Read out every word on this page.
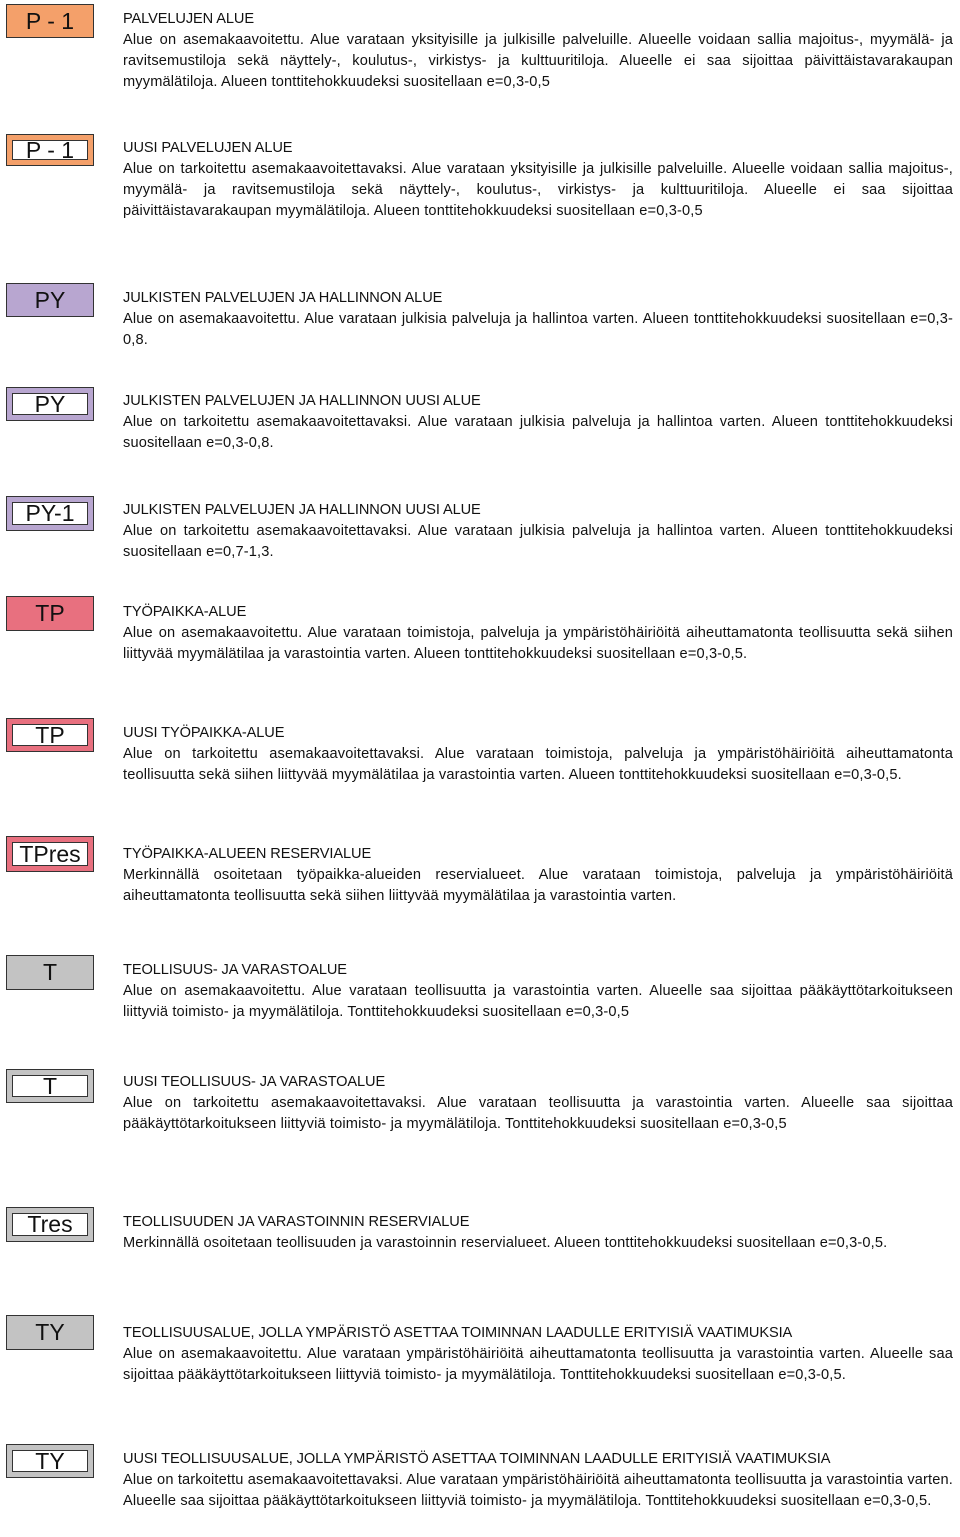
P - 1	PALVELUJEN ALUE
Alue on asemakaavoitettu. Alue varataan yksityisille ja julkisille palveluille. Alueelle voidaan sallia majoitus-, myymälä- ja ravitsemustiloja sekä näyttely-, koulutus-, virkistys- ja kulttuuritiloja. Alueelle ei saa sijoittaa päivittäistavarakaupan myymälätiloja. Alueen tonttitehokkuudeksi suositellaan e=0,3-0,5
P - 1	UUSI PALVELUJEN ALUE
Alue on tarkoitettu asemakaavoitettavaksi. Alue varataan yksityisille ja julkisille palveluille. Alueelle voidaan sallia majoitus-, myymälä- ja ravitsemustiloja sekä näyttely-, koulutus-, virkistys- ja kulttuuritiloja. Alueelle ei saa sijoittaa päivittäistavarakaupan myymälätiloja. Alueen tonttitehokkuudeksi suositellaan e=0,3-0,5
PY	JULKISTEN PALVELUJEN JA HALLINNON ALUE
Alue on asemakaavoitettu. Alue varataan julkisia palveluja ja hallintoa varten. Alueen tonttitehokkuudeksi suositellaan e=0,3-0,8.
PY	JULKISTEN PALVELUJEN JA HALLINNON UUSI ALUE
Alue on tarkoitettu asemakaavoitettavaksi. Alue varataan julkisia palveluja ja hallintoa varten. Alueen tonttitehokkuudeksi suositellaan e=0,3-0,8.
PY-1	JULKISTEN PALVELUJEN JA HALLINNON UUSI ALUE
Alue on tarkoitettu asemakaavoitettavaksi. Alue varataan julkisia palveluja ja hallintoa varten. Alueen tonttitehokkuudeksi suositellaan e=0,7-1,3.
TP	TYÖPAIKKA-ALUE
Alue on asemakaavoitettu. Alue varataan toimistoja, palveluja ja ympäristöhäiriöitä aiheuttamatonta teollisuutta sekä siihen liittyvää myymälätilaa ja varastointia varten. Alueen tonttitehokkuudeksi suositellaan e=0,3-0,5.
TP	UUSI TYÖPAIKKA-ALUE
Alue on tarkoitettu asemakaavoitettavaksi. Alue varataan toimistoja, palveluja ja ympäristöhäiriöitä aiheuttamatonta teollisuutta sekä siihen liittyvää myymälätilaa ja varastointia varten. Alueen tonttitehokkuudeksi suositellaan e=0,3-0,5.
TPres	TYÖPAIKKA-ALUEEN RESERVIALUE
Merkinnällä osoitetaan työpaikka-alueiden reservialueet. Alue varataan toimistoja, palveluja ja ympäristöhäiriöitä aiheuttamatonta teollisuutta sekä siihen liittyvää myymälätilaa ja varastointia varten.
T	TEOLLISUUS- JA VARASTOALUE
Alue on asemakaavoitettu. Alue varataan teollisuutta ja varastointia varten. Alueelle saa sijoittaa pääkäyttötarkoitukseen liittyviä toimisto- ja myymälätiloja. Tonttitehokkuudeksi suositellaan e=0,3-0,5
T	UUSI TEOLLISUUS- JA VARASTOALUE
Alue on tarkoitettu asemakaavoitettavaksi. Alue varataan teollisuutta ja varastointia varten. Alueelle saa sijoittaa pääkäyttötarkoitukseen liittyviä toimisto- ja myymälätiloja. Tonttitehokkuudeksi suositellaan e=0,3-0,5
Tres	TEOLLISUUDEN JA VARASTOINNIN RESERVIALUE
Merkinnällä osoitetaan teollisuuden ja varastoinnin reservialueet. Alueen tonttitehokkuudeksi suositellaan e=0,3-0,5.
TY	TEOLLISUUSALUE, JOLLA YMPÄRISTÖ ASETTAA TOIMINNAN LAADULLE ERITYISIÄ VAATIMUKSIA
Alue on asemakaavoitettu. Alue varataan ympäristöhäiriöitä aiheuttamatonta teollisuutta ja varastointia varten. Alueelle saa sijoittaa pääkäyttötarkoitukseen liittyviä toimisto- ja myymälätiloja. Tonttitehokkuudeksi suositellaan e=0,3-0,5.
TY	UUSI TEOLLISUUSALUE, JOLLA YMPÄRISTÖ ASETTAA TOIMINNAN LAADULLE ERITYISIÄ VAATIMUKSIA
Alue on tarkoitettu asemakaavoitettavaksi. Alue varataan ympäristöhäiriöitä aiheuttamatonta teollisuutta ja varastointia varten. Alueelle saa sijoittaa pääkäyttötarkoitukseen liittyviä toimisto- ja myymälätiloja. Tonttitehokkuudeksi suositellaan e=0,3-0,5.
